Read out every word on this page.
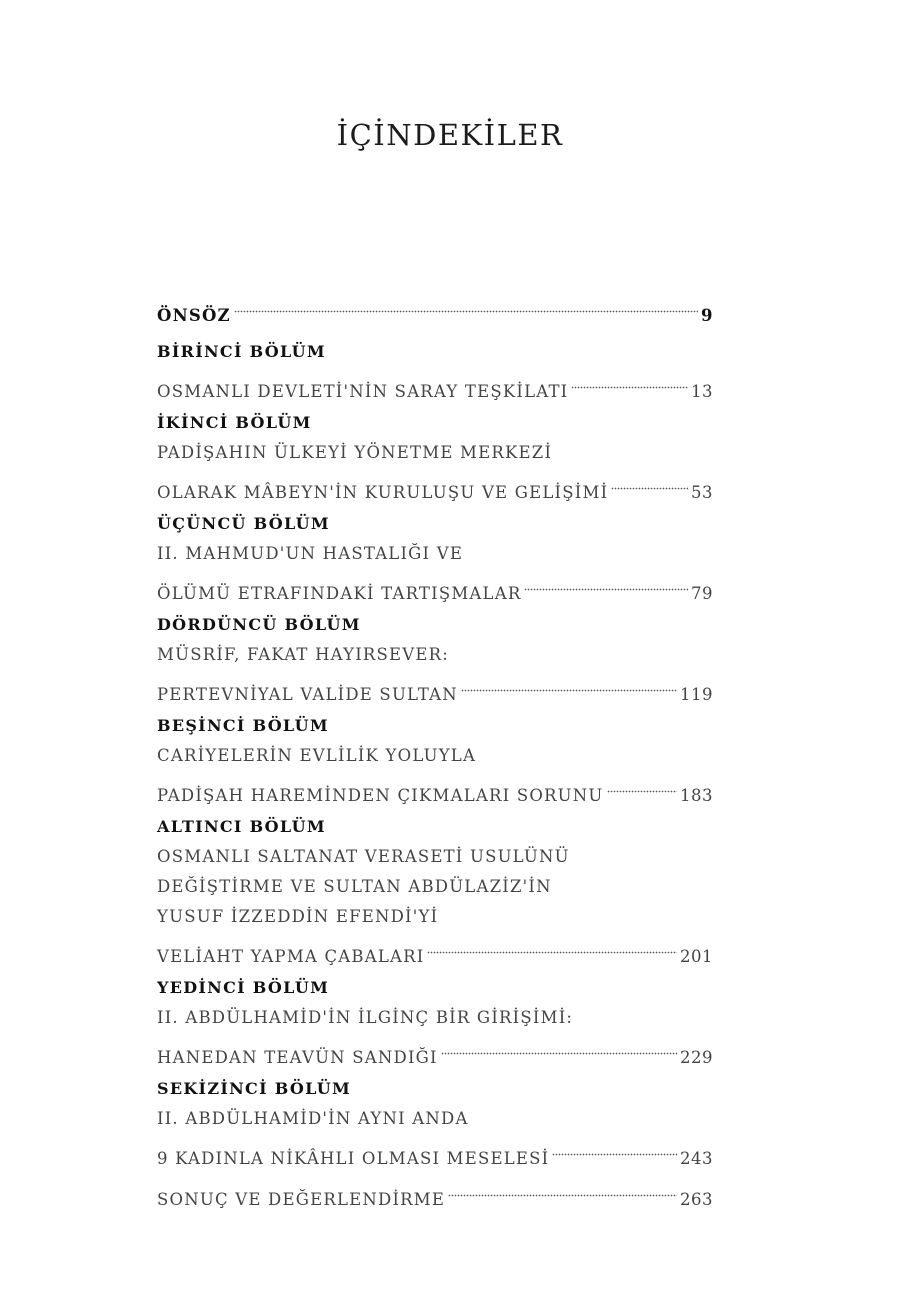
İÇİNDEKİLER
ÖNSÖZ	9
BİRİNCİ BÖLÜM
OSMANLI DEVLETİ'NİN SARAY TEŞKİLATI	13
İKİNCİ BÖLÜM
PADİŞAHIN ÜLKEYİ YÖNETME MERKEZİ
OLARAK MÂBEYN'İN KURULUŞU VE GELİŞİMİ	53
ÜÇÜNCÜ BÖLÜM
II. MAHMUD'UN HASTALIĞI VE
ÖLÜMÜ ETRAFINDAKİ TARTIŞMALAR	79
DÖRDÜNCÜ BÖLÜM
MÜSRİF, FAKAT HAYIRSEVER:
PERTEVNİYAL VALİDE SULTAN	119
BEŞİNCİ BÖLÜM
CARİYELERİN EVLİLİK YOLUYLA
PADİŞAH HAREMİNDEN ÇIKMALARI SORUNU	183
ALTINCI BÖLÜM
OSMANLI SALTANAT VERASETİ USULÜNÜ
DEĞİŞTİRME VE SULTAN ABDÜLAZİZ'İN
YUSUF İZZEDDİN EFENDİ'Yİ
VELİAHT YAPMA ÇABALARI	201
YEDİNCİ BÖLÜM
II. ABDÜLHAMİD'İN İLGİNÇ BİR GİRİŞİMİ:
HANEDAN TEAVÜN SANDIĞI	229
SEKİZİNCİ BÖLÜM
II. ABDÜLHAMİD'İN AYNI ANDA
9 KADINLA NİKÂHLI OLMASI MESELESİ	243
SONUÇ VE DEĞERLENDİRME	263
